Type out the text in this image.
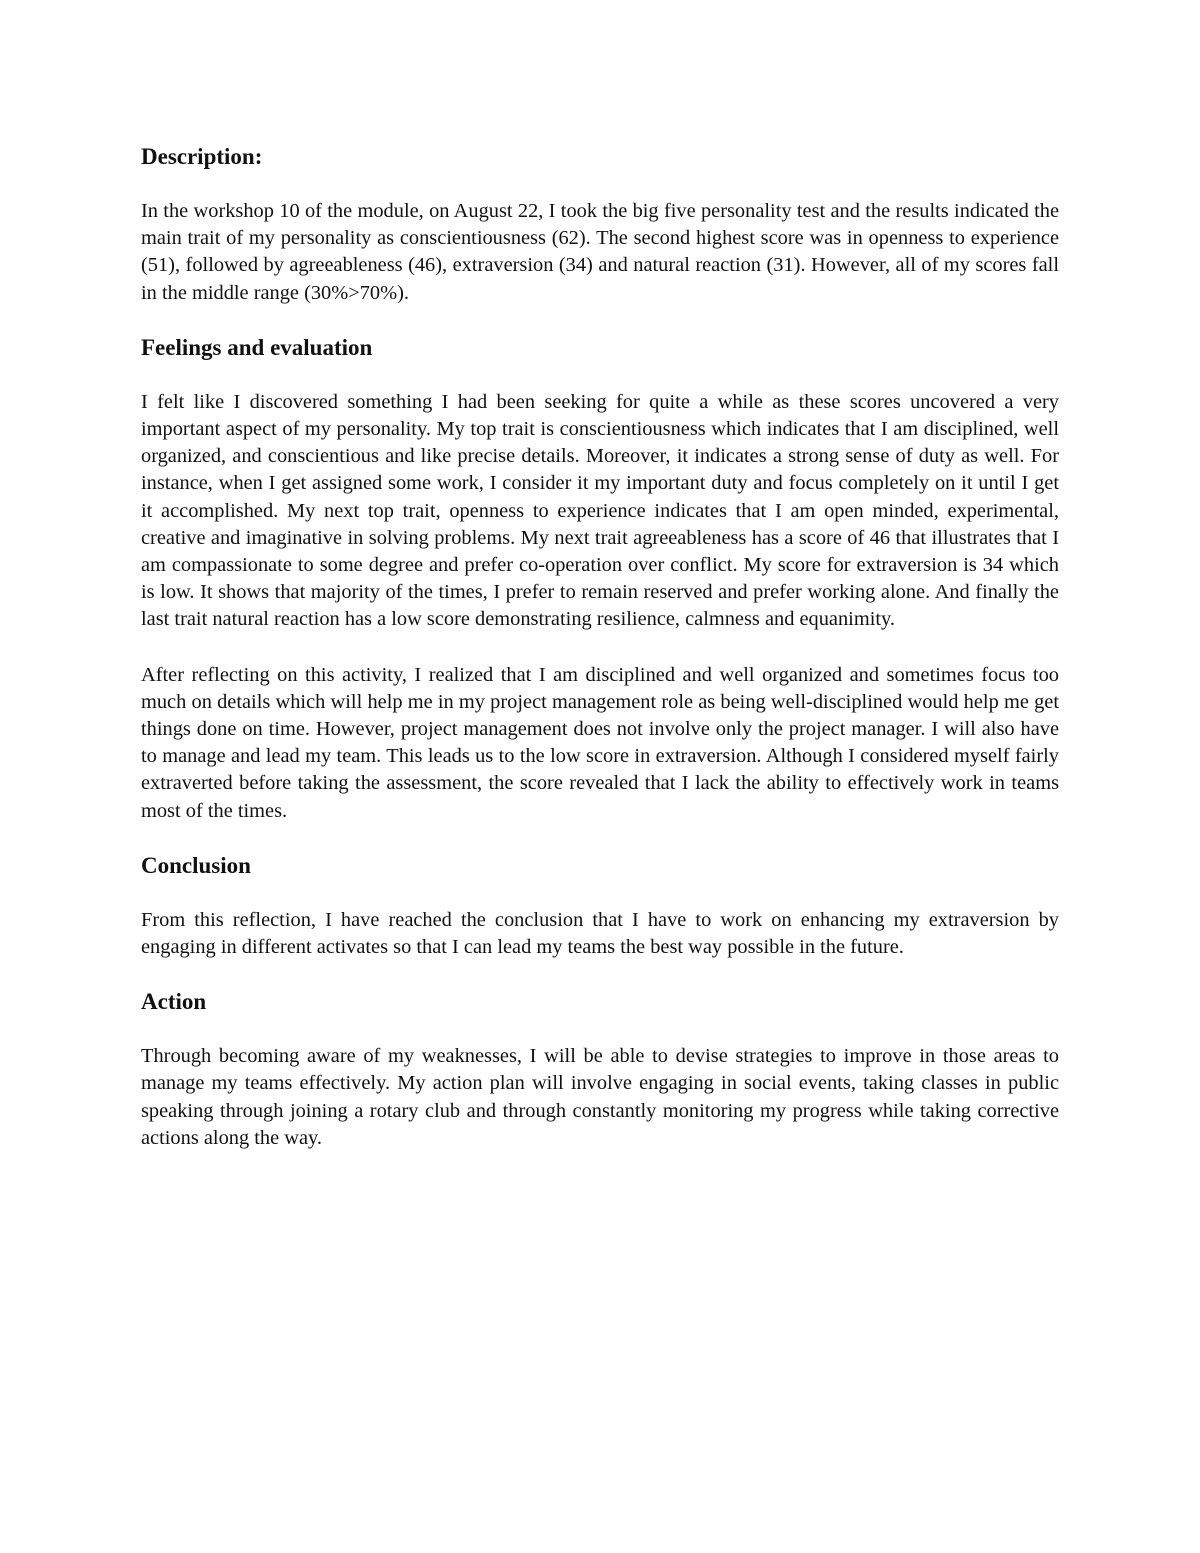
Description:

In the workshop 10 of the module, on August 22, I took the big five personality test and the results indicated the main trait of my personality as conscientiousness (62). The second highest score was in openness to experience (51), followed by agreeableness (46), extraversion (34) and natural reaction (31). However, all of my scores fall in the middle range (30%>70%).

Feelings and evaluation

I felt like I discovered something I had been seeking for quite a while as these scores uncovered a very important aspect of my personality. My top trait is conscientiousness which indicates that I am disciplined, well organized, and conscientious and like precise details. Moreover, it indicates a strong sense of duty as well. For instance, when I get assigned some work, I consider it my important duty and focus completely on it until I get it accomplished. My next top trait, openness to experience indicates that I am open minded, experimental, creative and imaginative in solving problems. My next trait agreeableness has a score of 46 that illustrates that I am compassionate to some degree and prefer co-operation over conflict. My score for extraversion is 34 which is low. It shows that majority of the times, I prefer to remain reserved and prefer working alone. And finally the last trait natural reaction has a low score demonstrating resilience, calmness and equanimity.

After reflecting on this activity, I realized that I am disciplined and well organized and sometimes focus too much on details which will help me in my project management role as being well-disciplined would help me get things done on time. However, project management does not involve only the project manager. I will also have to manage and lead my team. This leads us to the low score in extraversion. Although I considered myself fairly extraverted before taking the assessment, the score revealed that I lack the ability to effectively work in teams most of the times.

Conclusion

From this reflection, I have reached the conclusion that I have to work on enhancing my extraversion by engaging in different activates so that I can lead my teams the best way possible in the future.

Action

Through becoming aware of my weaknesses, I will be able to devise strategies to improve in those areas to manage my teams effectively. My action plan will involve engaging in social events, taking classes in public speaking through joining a rotary club and through constantly monitoring my progress while taking corrective actions along the way.
